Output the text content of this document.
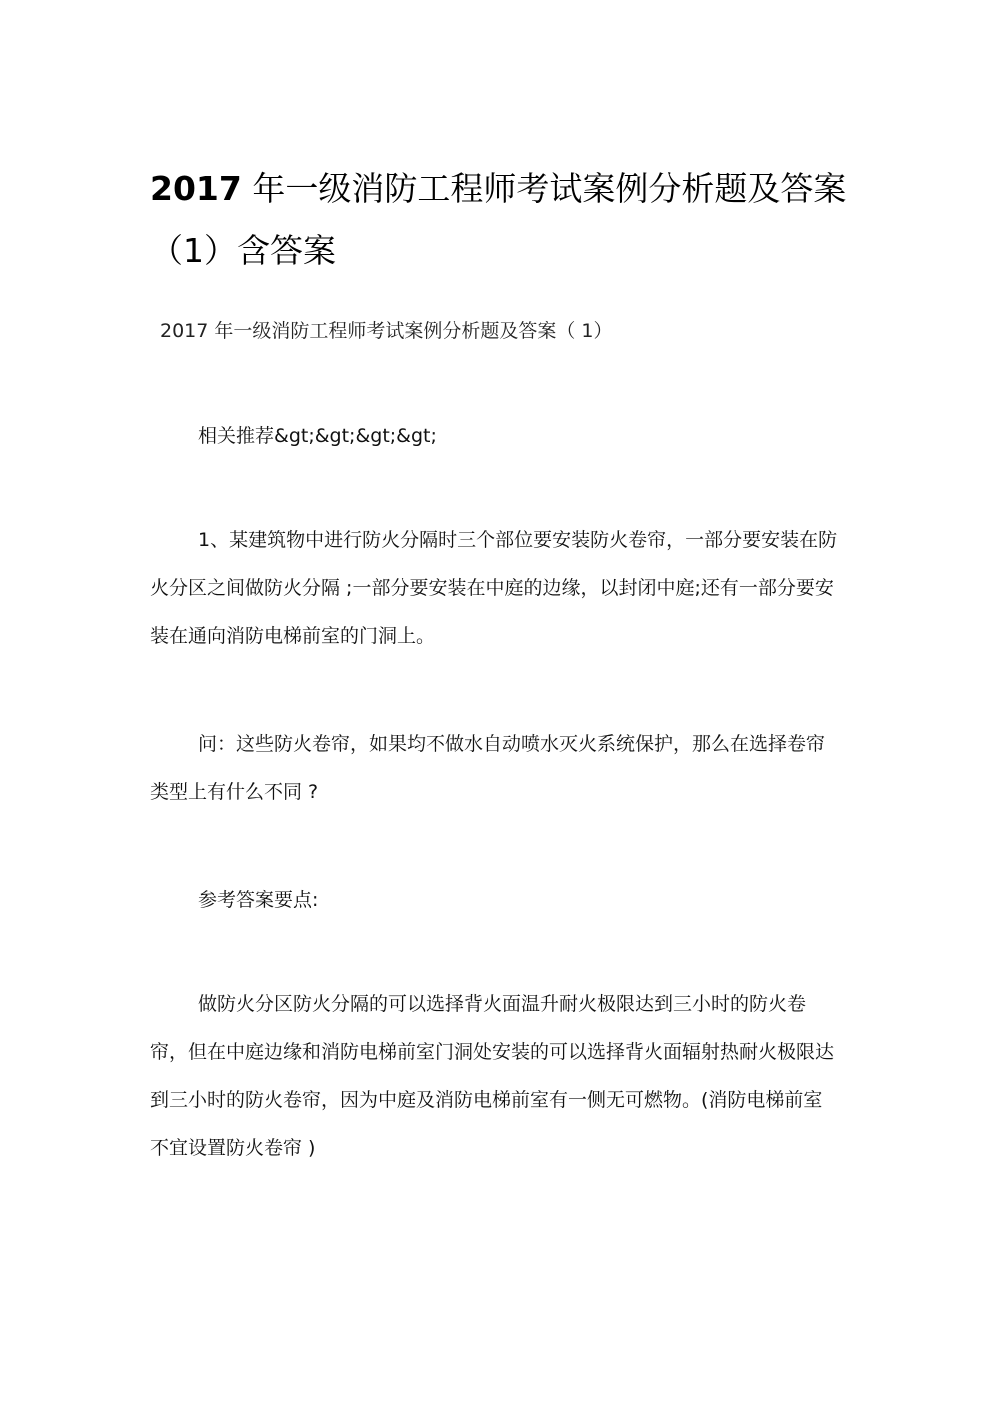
2017 年一级消防工程师考试案例分析题及答案（1）含答案
2017 年一级消防工程师考试案例分析题及答案（ 1）

相关推荐&gt;&gt;&gt;&gt;

1、某建筑物中进行防火分隔时三个部位要安装防火卷帘，一部分要安装在防火分区之间做防火分隔 ;一部分要安装在中庭的边缘，以封闭中庭;还有一部分要安装在通向消防电梯前室的门洞上。

问：这些防火卷帘，如果均不做水自动喷水灭火系统保护，那么在选择卷帘类型上有什么不同 ?

参考答案要点:

做防火分区防火分隔的可以选择背火面温升耐火极限达到三小时的防火卷帘，但在中庭边缘和消防电梯前室门洞处安装的可以选择背火面辐射热耐火极限达到三小时的防火卷帘，因为中庭及消防电梯前室有一侧无可燃物。(消防电梯前室不宜设置防火卷帘 )
